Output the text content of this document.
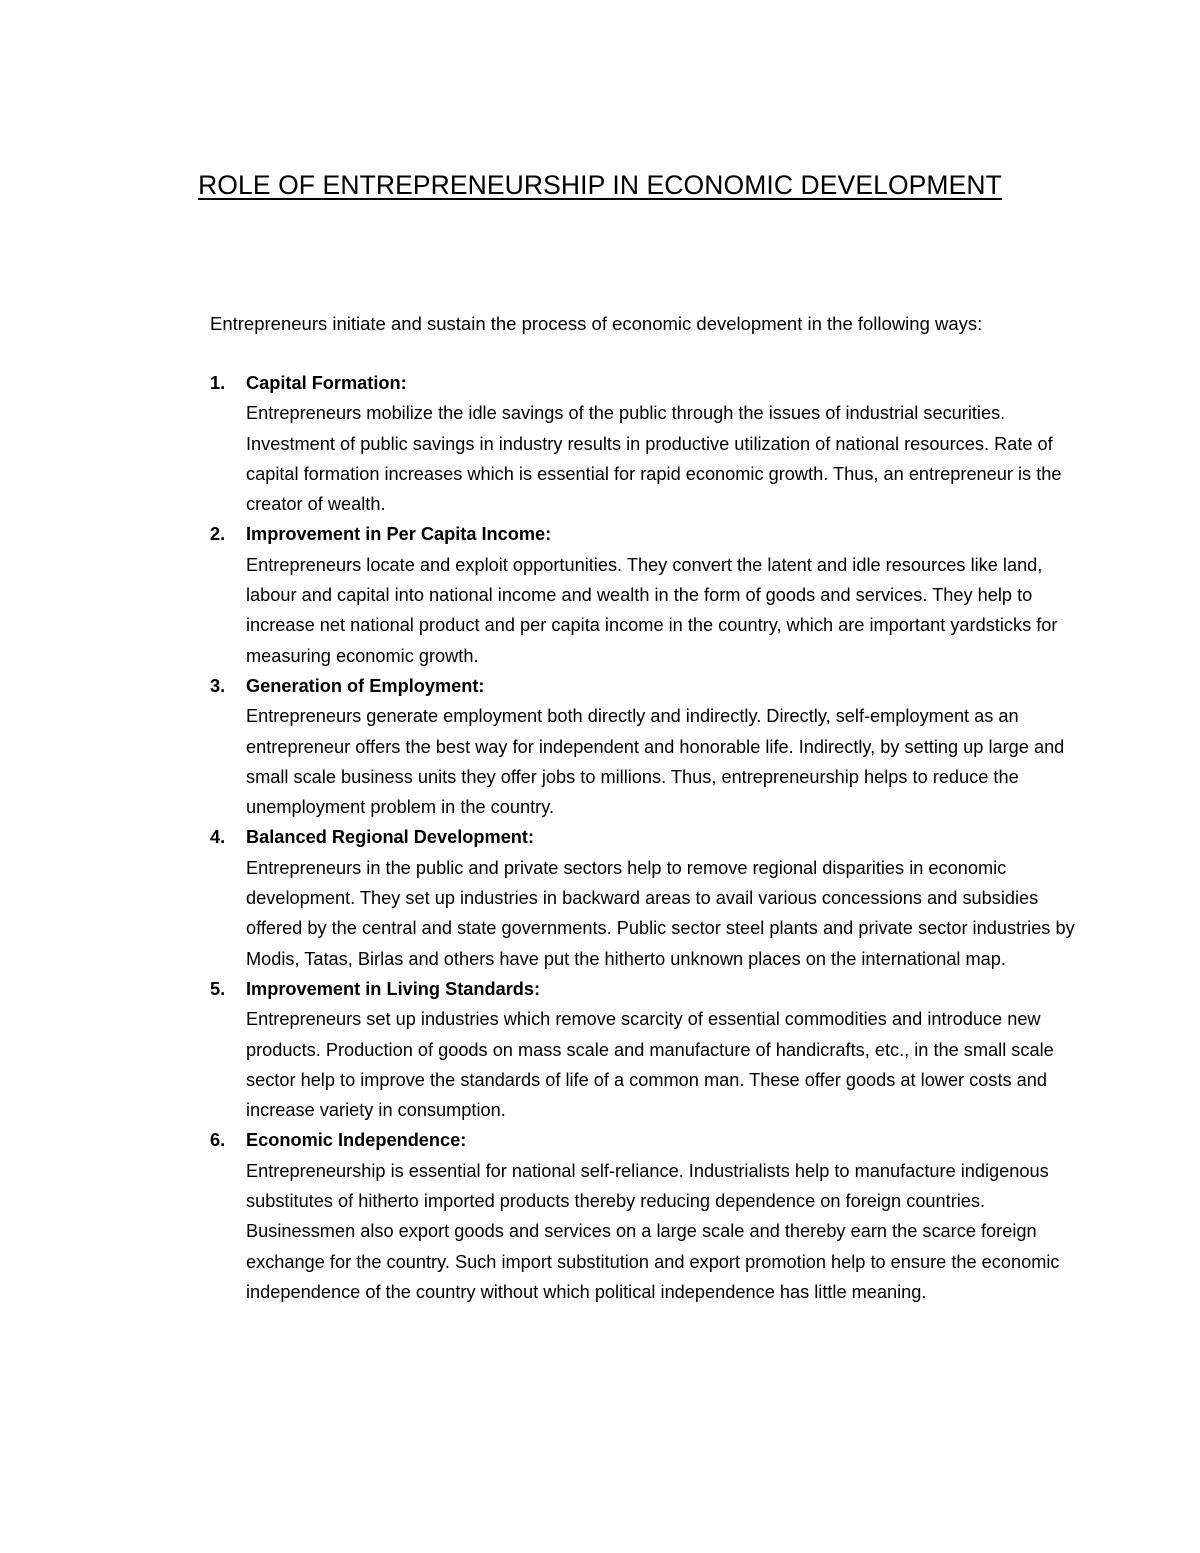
ROLE OF ENTREPRENEURSHIP IN ECONOMIC DEVELOPMENT
Entrepreneurs initiate and sustain the process of economic development in the following ways:
1. Capital Formation:
Entrepreneurs mobilize the idle savings of the public through the issues of industrial securities. Investment of public savings in industry results in productive utilization of national resources. Rate of capital formation increases which is essential for rapid economic growth. Thus, an entrepreneur is the creator of wealth.
2. Improvement in Per Capita Income:
Entrepreneurs locate and exploit opportunities. They convert the latent and idle resources like land, labour and capital into national income and wealth in the form of goods and services. They help to increase net national product and per capita income in the country, which are important yardsticks for measuring economic growth.
3. Generation of Employment:
Entrepreneurs generate employment both directly and indirectly. Directly, self-employment as an entrepreneur offers the best way for independent and honorable life. Indirectly, by setting up large and small scale business units they offer jobs to millions. Thus, entrepreneurship helps to reduce the unemployment problem in the country.
4. Balanced Regional Development:
Entrepreneurs in the public and private sectors help to remove regional disparities in economic development. They set up industries in backward areas to avail various concessions and subsidies offered by the central and state governments. Public sector steel plants and private sector industries by Modis, Tatas, Birlas and others have put the hitherto unknown places on the international map.
5. Improvement in Living Standards:
Entrepreneurs set up industries which remove scarcity of essential commodities and introduce new products. Production of goods on mass scale and manufacture of handicrafts, etc., in the small scale sector help to improve the standards of life of a common man. These offer goods at lower costs and increase variety in consumption.
6. Economic Independence:
Entrepreneurship is essential for national self-reliance. Industrialists help to manufacture indigenous substitutes of hitherto imported products thereby reducing dependence on foreign countries. Businessmen also export goods and services on a large scale and thereby earn the scarce foreign exchange for the country. Such import substitution and export promotion help to ensure the economic independence of the country without which political independence has little meaning.
